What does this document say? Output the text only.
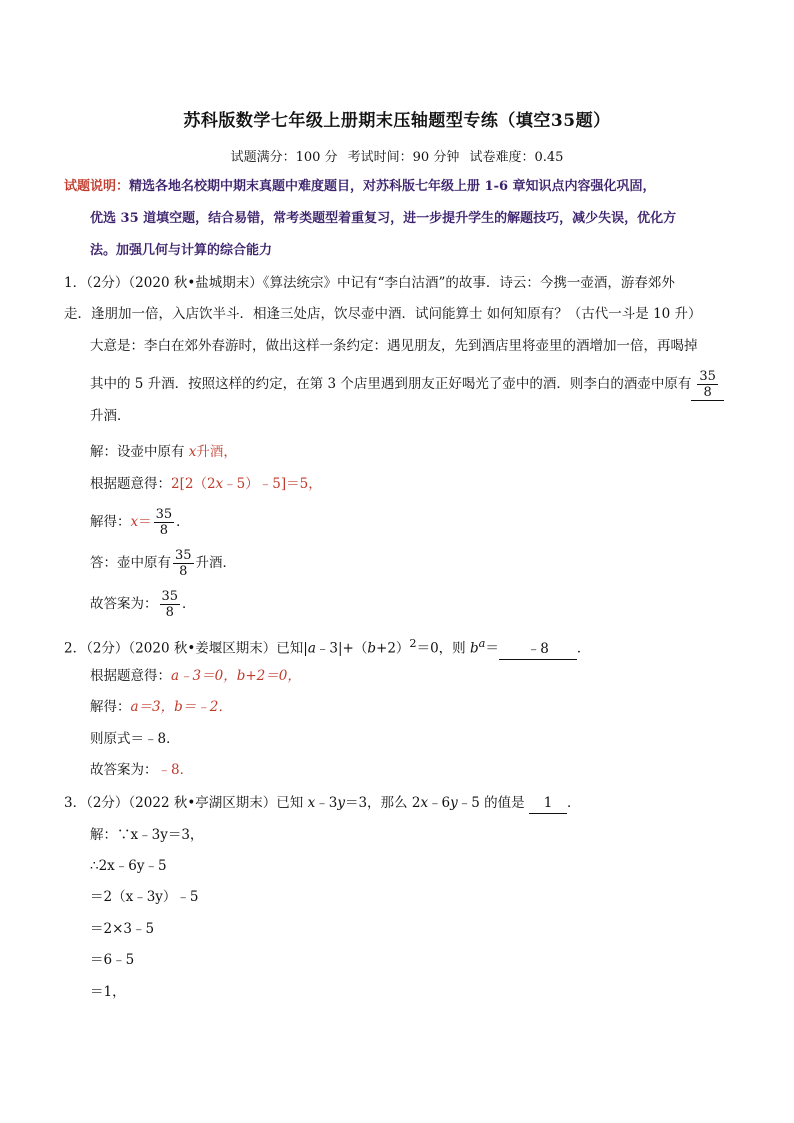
苏科版数学七年级上册期末压轴题型专练（填空35题）
试题满分：100 分 考试时间：90 分钟 试卷难度：0.45
试题说明：精选各地名校期中期末真题中难度题目，对苏科版七年级上册 1-6 章知识点内容强化巩固，
优选 35 道填空题，结合易错，常考类题型着重复习，进一步提升学生的解题技巧，减少失误，优化方
法。加强几何与计算的综合能力
1．（2分）（2020 秋•盐城期末）《算法统宗》中记有“李白沽酒”的故事．诗云：今携一壶酒，游春郊外
走．逢朋加一倍，入店饮半斗．相逢三处店，饮尽壶中酒．试问能算士 如何知原有？（古代一斗是 10 升）
大意是：李白在郊外春游时，做出这样一条约定：遇见朋友，先到酒店里将壶里的酒增加一倍，再喝掉
其中的 5 升酒．按照这样的约定，在第 3 个店里遇到朋友正好喝光了壶中的酒．则李白的酒壶中原有 $\frac{35}{8}$
升酒．
解：设壶中原有 x升酒，
根据题意得：2[2（2x﹣5）﹣5]＝5，
解得：$x= \frac{35}{8}$ ．
答：壶中原有 $\frac{35}{8}$ 升酒．
故答案为： $\frac{35}{8}$ ．
2．（2分）（2020 秋•姜堰区期末）已知$|a﹣3|+(b+2)^2=0$，则 $b^a=$ ﹣8 ．
根据题意得：a﹣3＝0，b+2＝0，
解得：a＝3，b＝﹣2．
则原式＝﹣8．
故答案为：﹣8．
3．（2分）（2022 秋•亭湖区期末）已知 x﹣3y＝3，那么 2x﹣6y﹣5 的值是 1 ．
解：∵x﹣3y＝3，
∴2x﹣6y﹣5
＝2（x﹣3y）﹣5
＝2×3﹣5
＝6﹣5
＝1，
